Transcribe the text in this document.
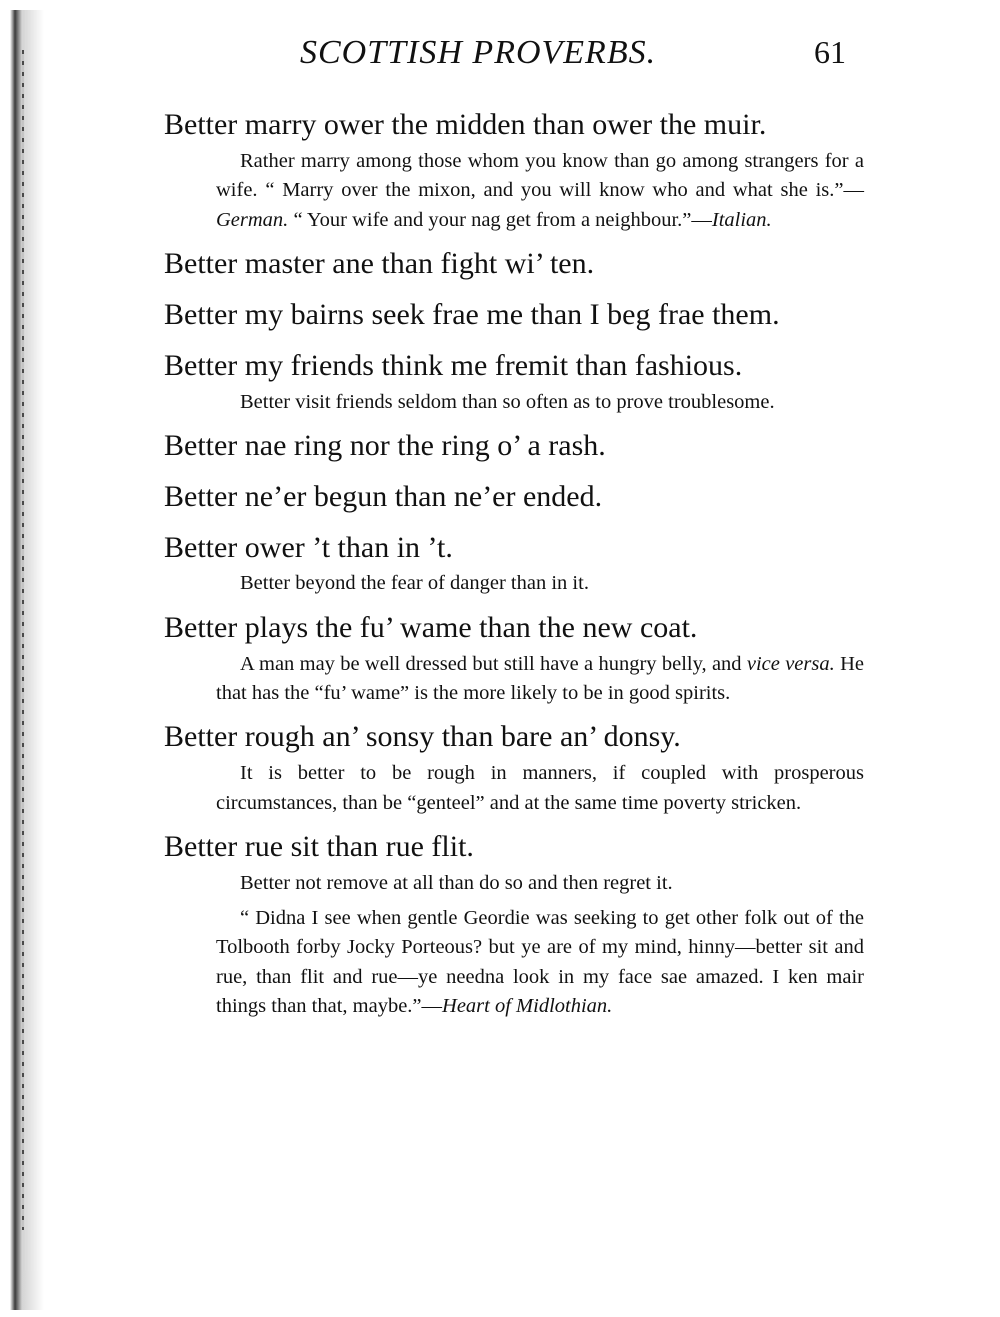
SCOTTISH PROVERBS.	61

Better marry ower the midden than ower the muir.

Rather marry among those whom you know than go among strangers for a wife. “ Marry over the mixon, and you will know who and what she is.”—German. “ Your wife and your nag get from a neighbour.”—Italian.

Better master ane than fight wi’ ten.

Better my bairns seek frae me than I beg frae them.

Better my friends think me fremit than fashious.

Better visit friends seldom than so often as to prove troublesome.

Better nae ring nor the ring o’ a rash.

Better ne’er begun than ne’er ended.

Better ower ’t than in ’t.

Better beyond the fear of danger than in it.

Better plays the fu’ wame than the new coat.

A man may be well dressed but still have a hungry belly, and vice versa. He that has the “fu’ wame” is the more likely to be in good spirits.

Better rough an’ sonsy than bare an’ donsy.

It is better to be rough in manners, if coupled with prosperous circumstances, than be “genteel” and at the same time poverty stricken.

Better rue sit than rue flit.

Better not remove at all than do so and then regret it.

“ Didna I see when gentle Geordie was seeking to get other folk out of the Tolbooth forby Jocky Porteous? but ye are of my mind, hinny—better sit and rue, than flit and rue—ye needna look in my face sae amazed. I ken mair things than that, maybe.”—Heart of Midlothian.
